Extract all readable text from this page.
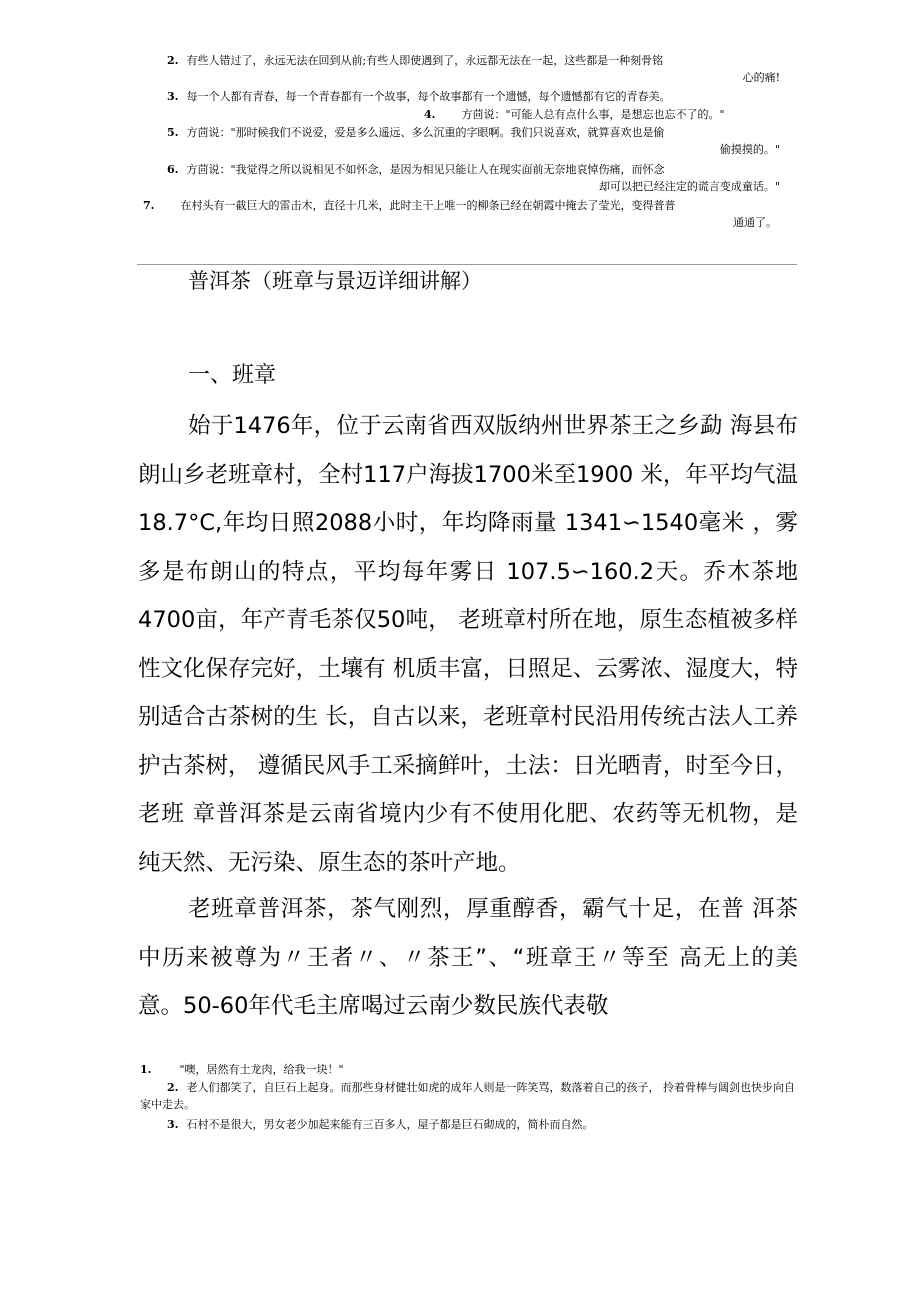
2. 有些人错过了，永远无法在回到从前;有些人即使遇到了，永远都无法在一起，这些都是一种刻骨铭
心的痛!
3. 每一个人都有青春，每一个青春都有一个故事，每个故事都有一个遗憾，每个遗憾都有它的青春美。
4. 方茴说："可能人总有点什么事，是想忘也忘不了的。"
5. 方茴说："那时候我们不说爱，爱是多么遥远、多么沉重的字眼啊。我们只说喜欢，就算喜欢也是偷
偷摸摸的。"
6. 方茴说："我觉得之所以说相见不如怀念，是因为相见只能让人在现实面前无奈地哀悼伤痛，而怀念
却可以把已经注定的谎言变成童话。"
7. 在村头有一截巨大的雷击木，直径十几米，此时主干上唯一的柳条已经在朝霞中掩去了莹光，变得普普
通通了。
普洱茶（班章与景迈详细讲解）
一、班章
始于1476年，位于云南省西双版纳州世界茶王之乡勐 海县布朗山乡老班章村，全村117户海拔1700米至1900 米，年平均气温18.7°C,年均日照2088小时，年均降雨量 1341∽1540毫米 ，雾多是布朗山的特点，平均每年雾日 107.5∽160.2天。乔木茶地4700亩，年产青毛茶仅50吨， 老班章村所在地，原生态植被多样性文化保存完好，土壤有 机质丰富，日照足、云雾浓、湿度大，特别适合古茶树的生 长，自古以来，老班章村民沿用传统古法人工养护古茶树， 遵循民风手工采摘鲜叶，土法：日光晒青，时至今日，老班 章普洱茶是云南省境内少有不使用化肥、农药等无机物，是 纯天然、无污染、原生态的茶叶产地。
老班章普洱茶，茶气刚烈，厚重醇香，霸气十足，在普 洱茶中历来被尊为〃王者〃、〃茶王”、“班章王〃等至 高无上的美意。50-60年代毛主席喝过云南少数民族代表敬
1.	"噢，居然有土龙肉，给我一块！"
2. 老人们都笑了，自巨石上起身。而那些身材健壮如虎的成年人则是一阵笑骂，数落着自己的孩子， 拎着骨棒与阔剑也快步向自家中走去。
3. 石村不是很大，男女老少加起来能有三百多人，屋子都是巨石砌成的，简朴而自然。
